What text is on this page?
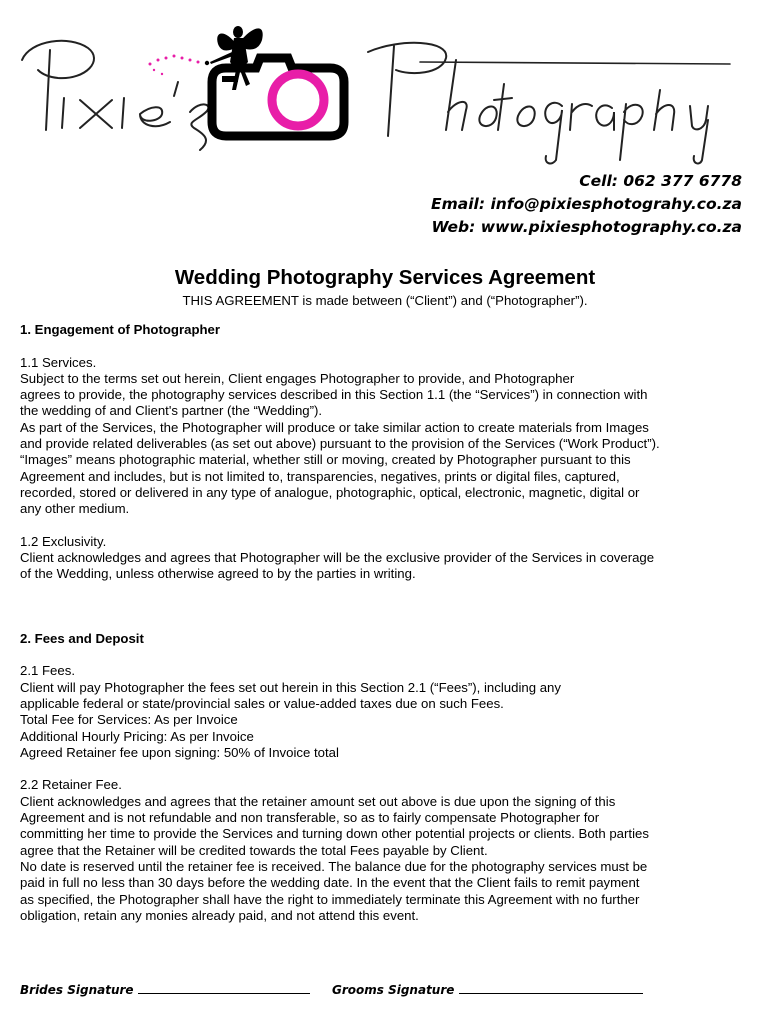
Cell: 062 377 6778
Email: info@pixiesphotograhy.co.za
Web: www.pixiesphotography.co.za
Wedding Photography Services Agreement
THIS AGREEMENT is made between (“Client”) and (“Photographer”).

1. Engagement of Photographer

1.1 Services.

Subject to the terms set out herein, Client engages Photographer to provide, and Photographer

agrees to provide, the photography services described in this Section 1.1 (the “Services”) in connection with

the wedding of and Client's partner (the “Wedding”).

As part of the Services, the Photographer will produce or take similar action to create materials from Images

and provide related deliverables (as set out above) pursuant to the provision of the Services (“Work Product”).

“Images” means photographic material, whether still or moving, created by Photographer pursuant to this

Agreement and includes, but is not limited to, transparencies, negatives, prints or digital files, captured,

recorded, stored or delivered in any type of analogue, photographic, optical, electronic, magnetic, digital or

any other medium.

1.2 Exclusivity.

Client acknowledges and agrees that Photographer will be the exclusive provider of the Services in coverage

of the Wedding, unless otherwise agreed to by the parties in writing.

2. Fees and Deposit

2.1 Fees.

Client will pay Photographer the fees set out herein in this Section 2.1 (“Fees”), including any

applicable federal or state/provincial sales or value-added taxes due on such Fees.

Total Fee for Services: As per Invoice

Additional Hourly Pricing: As per Invoice

Agreed Retainer fee upon signing: 50% of Invoice total

2.2 Retainer Fee.

Client acknowledges and agrees that the retainer amount set out above is due upon the signing of this

Agreement and is not refundable and non transferable, so as to fairly compensate Photographer for

committing her time to provide the Services and turning down other potential projects or clients. Both parties

agree that the Retainer will be credited towards the total Fees payable by Client.

No date is reserved until the retainer fee is received. The balance due for the photography services must be

paid in full no less than 30 days before the wedding date. In the event that the Client fails to remit payment

as specified, the Photographer shall have the right to immediately terminate this Agreement with no further

obligation, retain any monies already paid, and not attend this event.

Brides Signature	Grooms Signature
